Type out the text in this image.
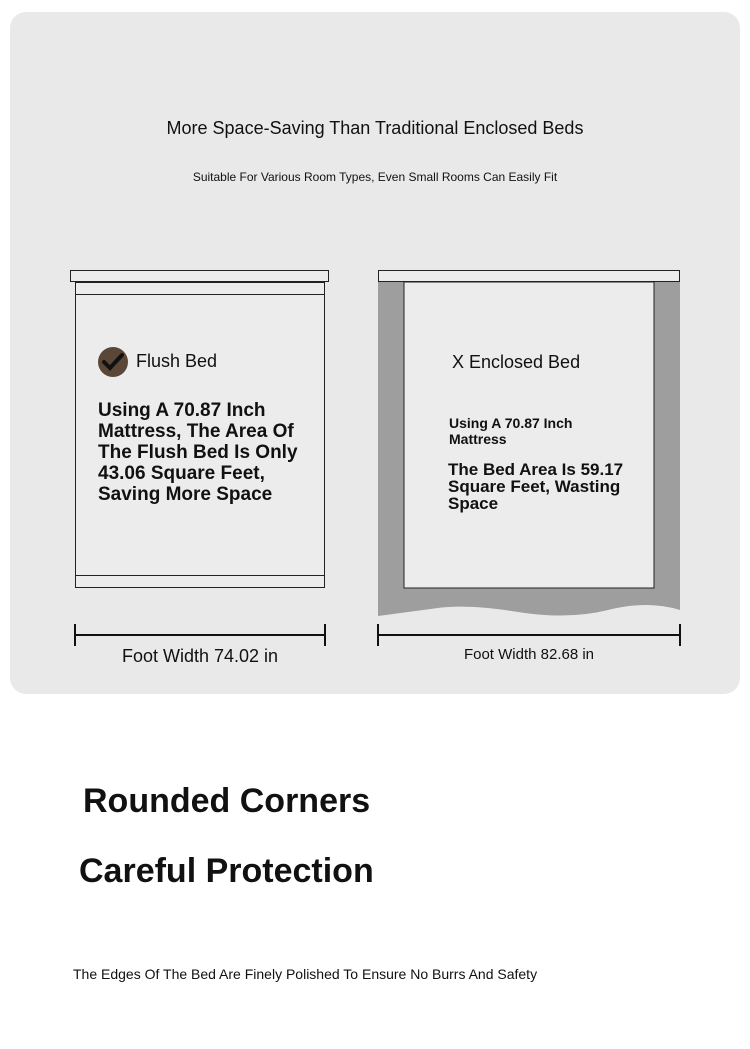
More Space-Saving Than Traditional Enclosed Beds
Suitable For Various Room Types, Even Small Rooms Can Easily Fit
Flush Bed
Using A 70.87 Inch Mattress, The Area Of The Flush Bed Is Only 43.06 Square Feet, Saving More Space
X Enclosed Bed
Using A 70.87 Inch Mattress
The Bed Area Is 59.17 Square Feet, Wasting Space
Foot Width 74.02 in	Foot Width 82.68 in
Rounded Corners
Careful Protection
The Edges Of The Bed Are Finely Polished To Ensure No Burrs And Safety
